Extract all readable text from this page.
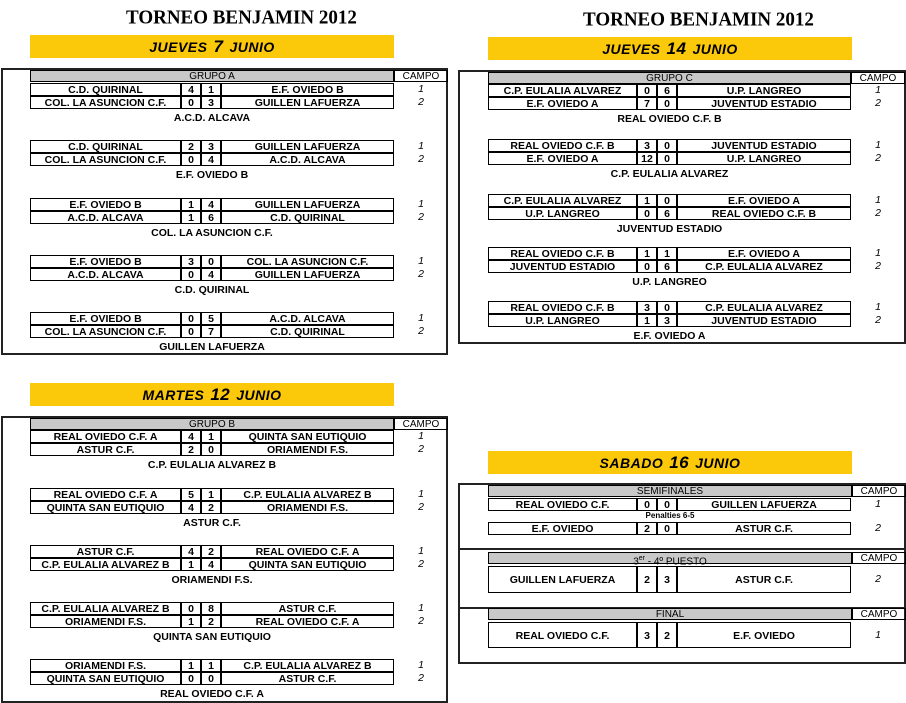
TORNEO BENJAMIN 2012	TORNEO BENJAMIN 2012
JUEVES 7 JUNIO	JUEVES 14 JUNIO
MARTES 12 JUNIO
SABADO 16 JUNIO
GRUPO A	CAMPO
C.D. QUIRINAL	4	1	E.F. OVIEDO B	1
COL. LA ASUNCION C.F.	0	3	GUILLEN LAFUERZA	2
A.C.D. ALCAVA
C.D. QUIRINAL	2	3	GUILLEN LAFUERZA	1
COL. LA ASUNCION C.F.	0	4	A.C.D. ALCAVA	2
E.F. OVIEDO B
E.F. OVIEDO B	1	4	GUILLEN LAFUERZA	1
A.C.D. ALCAVA	1	6	C.D. QUIRINAL	2
COL. LA ASUNCION C.F.
E.F. OVIEDO B	3	0	COL. LA ASUNCION C.F.	1
A.C.D. ALCAVA	0	4	GUILLEN LAFUERZA	2
C.D. QUIRINAL
E.F. OVIEDO B	0	5	A.C.D. ALCAVA	1
COL. LA ASUNCION C.F.	0	7	C.D. QUIRINAL	2
GUILLEN LAFUERZA
GRUPO C	CAMPO
C.P. EULALIA ALVAREZ	0	6	U.P. LANGREO	1
E.F. OVIEDO A	7	0	JUVENTUD ESTADIO	2
REAL OVIEDO C.F. B
REAL OVIEDO C.F. B	3	0	JUVENTUD ESTADIO	1
E.F. OVIEDO A	12	0	U.P. LANGREO	2
C.P. EULALIA ALVAREZ
C.P. EULALIA ALVAREZ	1	0	E.F. OVIEDO A	1
U.P. LANGREO	0	6	REAL OVIEDO C.F. B	2
JUVENTUD ESTADIO
REAL OVIEDO C.F. B	1	1	E.F. OVIEDO A	1
JUVENTUD ESTADIO	0	6	C.P. EULALIA ALVAREZ	2
U.P. LANGREO
REAL OVIEDO C.F. B	3	0	C.P. EULALIA ALVAREZ	1
U.P. LANGREO	1	3	JUVENTUD ESTADIO	2
E.F. OVIEDO A
GRUPO B	CAMPO
REAL OVIEDO C.F. A	4	1	QUINTA SAN EUTIQUIO	1
ASTUR C.F.	2	0	ORIAMENDI F.S.	2
C.P. EULALIA ALVAREZ B
REAL OVIEDO C.F. A	5	1	C.P. EULALIA ALVAREZ B	1
QUINTA SAN EUTIQUIO	4	2	ORIAMENDI F.S.	2
ASTUR C.F.
ASTUR C.F.	4	2	REAL OVIEDO C.F. A	1
C.P. EULALIA ALVAREZ B	1	4	QUINTA SAN EUTIQUIO	2
ORIAMENDI F.S.
C.P. EULALIA ALVAREZ B	0	8	ASTUR C.F.	1
ORIAMENDI F.S.	1	2	REAL OVIEDO C.F. A	2
QUINTA SAN EUTIQUIO
ORIAMENDI F.S.	1	1	C.P. EULALIA ALVAREZ B	1
QUINTA SAN EUTIQUIO	0	0	ASTUR C.F.	2
REAL OVIEDO C.F. A
SEMIFINALES	CAMPO
REAL OVIEDO C.F.	0	0	GUILLEN LAFUERZA	1
Penalties 6-5
E.F. OVIEDO	2	0	ASTUR C.F.	2
3er - 4º PUESTO	CAMPO
GUILLEN LAFUERZA	2	3	ASTUR C.F.	2
FINAL	CAMPO
REAL OVIEDO C.F.	3	2	E.F. OVIEDO	1
